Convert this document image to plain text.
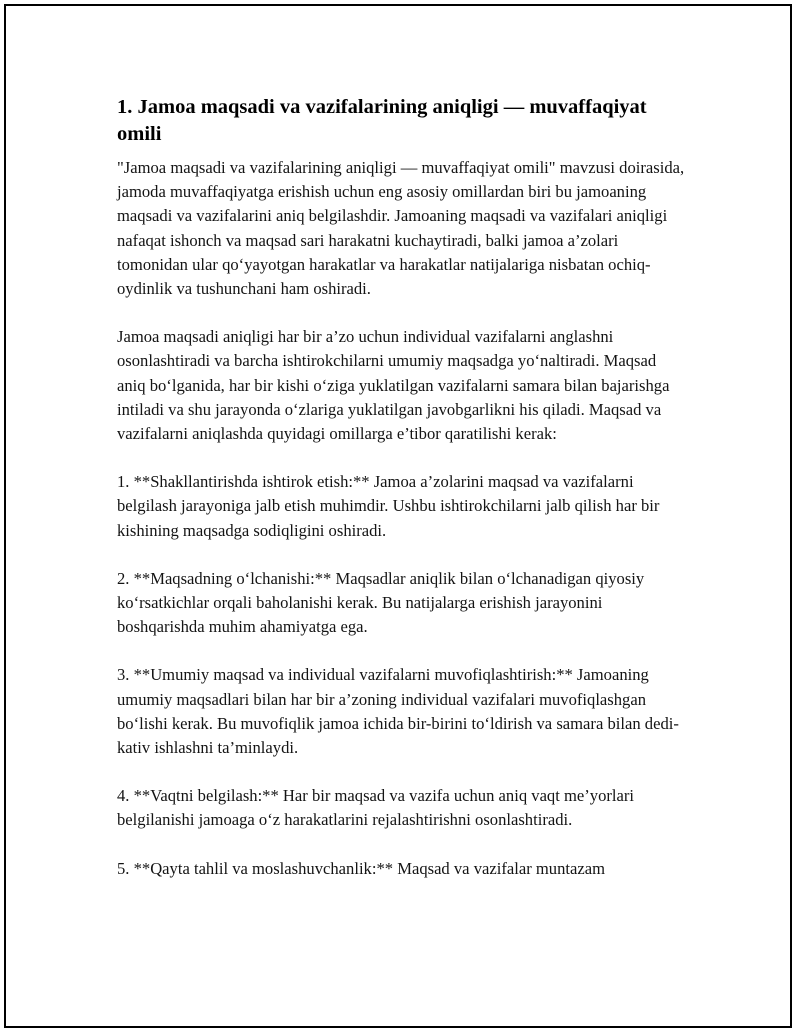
1. Jamoa maqsadi va vazifalarining aniqligi — muvaffaqiyat omili

"Jamoa maqsadi va vazifalarining aniqligi — muvaffaqiyat omili" mavzusi doirasida, jamoda muvaffaqiyatga erishish uchun eng asosiy omillardan biri bu jamoaning maqsadi va vazifalarini aniq belgilashdir. Jamoaning maqsadi va vazifalari aniqligi nafaqat ishonch va maqsad sari harakatni kuchaytiradi, balki jamoa a’zolari tomonidan ular qo‘yayotgan harakatlar va harakatlar natijalariga nisbatan ochiq-oydinlik va tushunchani ham oshiradi.

Jamoa maqsadi aniqligi har bir a’zo uchun individual vazifalarni anglashni osonlashtiradi va barcha ishtirokchilarni umumiy maqsadga yo‘naltiradi. Maqsad aniq bo‘lganida, har bir kishi o‘ziga yuklatilgan vazifalarni samara bilan bajarishga intiladi va shu jarayonda o‘zlariga yuklatilgan javobgarlikni his qiladi. Maqsad va vazifalarni aniqlashda quyidagi omillarga e’tibor qaratilishi kerak:

1. **Shakllantirishda ishtirok etish:** Jamoa a’zolarini maqsad va vazifalarni belgilash jarayoniga jalb etish muhimdir. Ushbu ishtirokchilarni jalb qilish har bir kishining maqsadga sodiqligini oshiradi.

2. **Maqsadning o‘lchanishi:** Maqsadlar aniqlik bilan o‘lchanadigan qiyosiy ko‘rsatkichlar orqali baholanishi kerak. Bu natijalarga erishish jarayonini boshqarishda muhim ahamiyatga ega.

3. **Umumiy maqsad va individual vazifalarni muvofiqlashtirish:** Jamoaning umumiy maqsadlari bilan har bir a’zoning individual vazifalari muvofiqlashgan bo‘lishi kerak. Bu muvofiqlik jamoa ichida bir-birini to‘ldirish va samara bilan dedi-kativ ishlashni ta’minlaydi.

4. **Vaqtni belgilash:** Har bir maqsad va vazifa uchun aniq vaqt me’yorlari belgilanishi jamoaga o‘z harakatlarini rejalashtirishni osonlashtiradi.

5. **Qayta tahlil va moslashuvchanlik:** Maqsad va vazifalar muntazam
